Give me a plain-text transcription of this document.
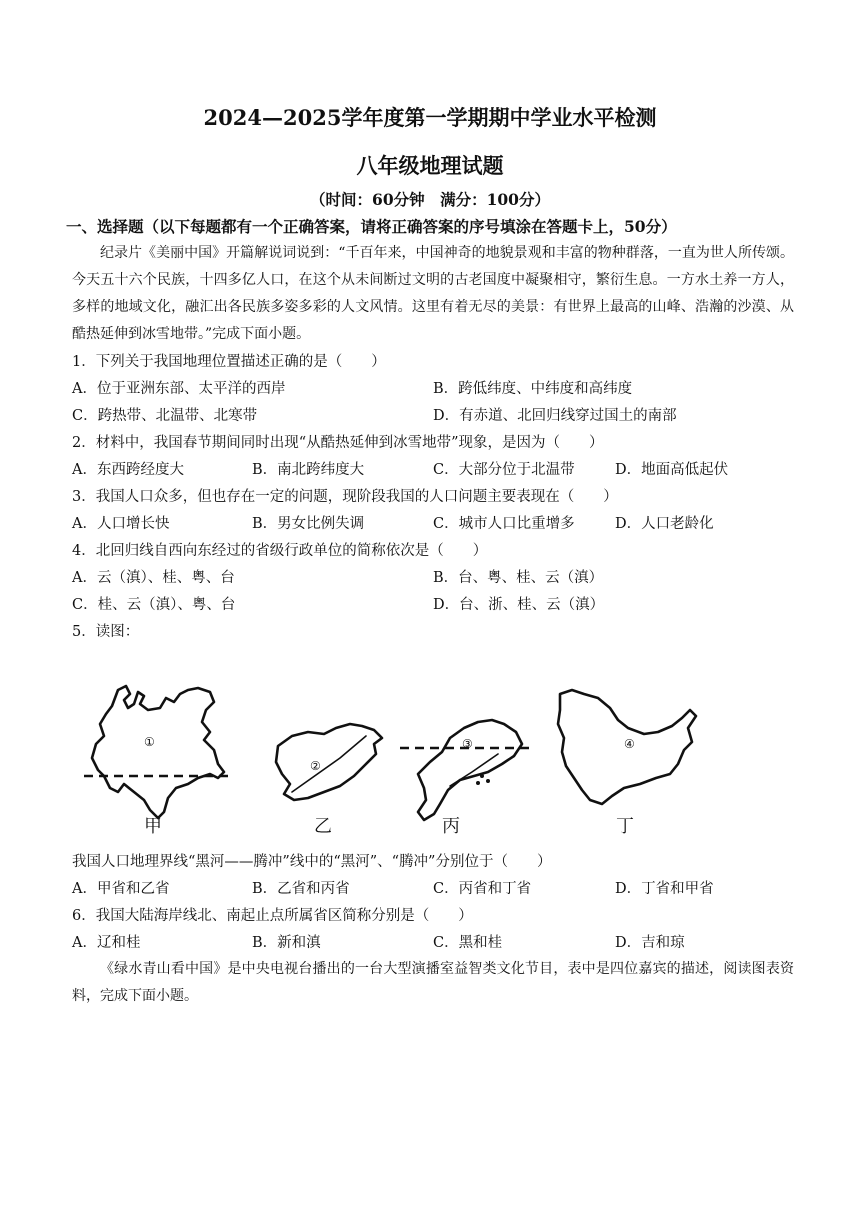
2024—2025学年度第一学期期中学业水平检测
八年级地理试题
（时间：60分钟　满分：100分）
一、选择题（以下每题都有一个正确答案，请将正确答案的序号填涂在答题卡上，50分）

纪录片《美丽中国》开篇解说词说到：“千百年来，中国神奇的地貌景观和丰富的物种群落，一直为世人所传颂。今天五十六个民族，十四多亿人口，在这个从未间断过文明的古老国度中凝聚相守，繁衍生息。一方水土养一方人，多样的地域文化，融汇出各民族多姿多彩的人文风情。这里有着无尽的美景：有世界上最高的山峰、浩瀚的沙漠、从酷热延伸到冰雪地带。”完成下面小题。

1．下列关于我国地理位置描述正确的是（　　）
A．位于亚洲东部、太平洋的西岸	B．跨低纬度、中纬度和高纬度
C．跨热带、北温带、北寒带	D．有赤道、北回归线穿过国土的南部
2．材料中，我国春节期间同时出现“从酷热延伸到冰雪地带”现象，是因为（　　）
A．东西跨经度大	B．南北跨纬度大	C．大部分位于北温带	D．地面高低起伏
3．我国人口众多，但也存在一定的问题，现阶段我国的人口问题主要表现在（　　）
A．人口增长快	B．男女比例失调	C．城市人口比重增多	D．人口老龄化
4．北回归线自西向东经过的省级行政单位的简称依次是（　　）
A．云（滇）、桂、粤、台	B．台、粤、桂、云（滇）
C．桂、云（滇）、粤、台	D．台、浙、桂、云（滇）
5．读图：
①
②
③	④
甲	乙	丙	丁
我国人口地理界线“黑河——腾冲”线中的“黑河”、“腾冲”分别位于（　　）
A．甲省和乙省	B．乙省和丙省	C．丙省和丁省	D．丁省和甲省
6．我国大陆海岸线北、南起止点所属省区简称分别是（　　）
A．辽和桂	B．新和滇	C．黑和桂	D．吉和琼

《绿水青山看中国》是中央电视台播出的一台大型演播室益智类文化节目，表中是四位嘉宾的描述，阅读图表资料，完成下面小题。
